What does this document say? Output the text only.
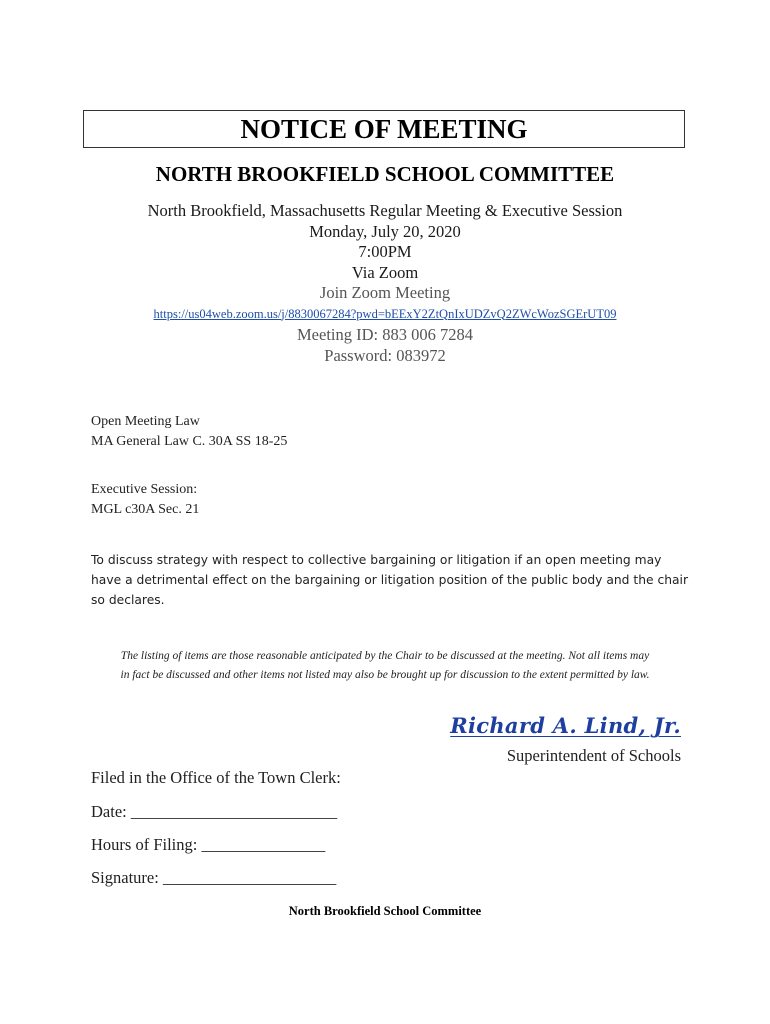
NOTICE OF MEETING
NORTH BROOKFIELD SCHOOL COMMITTEE
North Brookfield, Massachusetts Regular Meeting & Executive Session
Monday, July 20, 2020
7:00PM
Via Zoom
Join Zoom Meeting
https://us04web.zoom.us/j/8830067284?pwd=bEExY2ZtQnIxUDZvQ2ZWcWozSGErUT09
Meeting ID: 883 006 7284
Password: 083972
Open Meeting Law
MA General Law C. 30A SS 18-25
Executive Session:
MGL c30A Sec. 21
To discuss strategy with respect to collective bargaining or litigation if an open meeting may
have a detrimental effect on the bargaining or litigation position of the public body and the chair
so declares.
The listing of items are those reasonable anticipated by the Chair to be discussed at the meeting. Not all items may
in fact be discussed and other items not listed may also be brought up for discussion to the extent permitted by law.
Richard A. Lind, Jr.
Superintendent of Schools
Filed in the Office of the Town Clerk:
Date: _________________________
Hours of Filing: _______________
Signature: _____________________
North Brookfield School Committee
